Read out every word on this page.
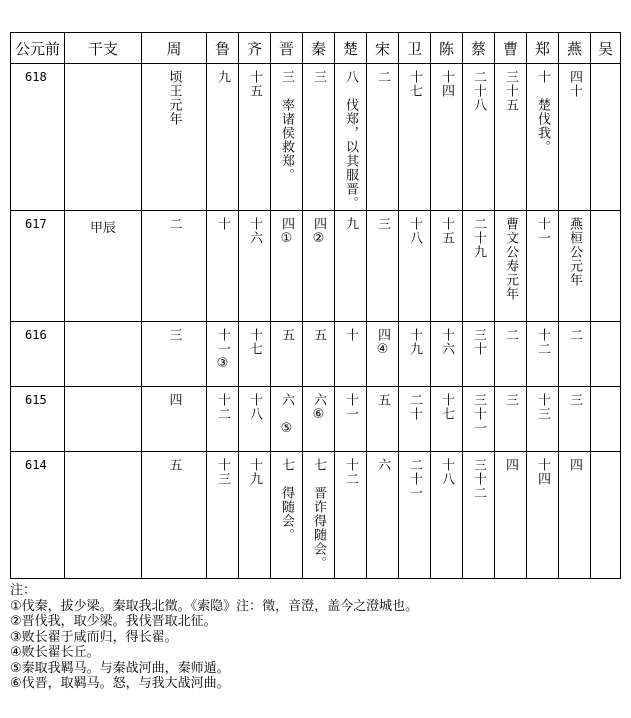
公元前	干支	周	鲁	齐	晋	秦	楚	宋	卫	陈	蔡	曹	郑	燕	吴
618		顷王元年	九	十五	三　率诸侯救郑。	三	八　伐郑，以其服晋。	二	十七	十四	二十八	三十五	十　楚伐我。	四十	

617	甲辰	二	十	十六	四①	四②	九	三	十八	十五	二十九	曹文公寿元年	十一	燕桓公元年	

616		三	十一③	十七	五	五	十	四④	十九	十六	三十	二	十二	二	

615		四	十二	十八	六　⑤	六⑥	十一	五	二十	十七	三十一	三	十三	三	

614		五	十三	十九	七　得随会。	七　晋诈得随会。	十二	六	二十一	十八	三十二	四	十四	四	

注：
①伐秦，拔少梁。秦取我北徵。《索隐》注：徵，音澄，盖今之澄城也。
②晋伐我，取少梁。我伐晋取北征。
③败长翟于咸而归，得长翟。
④败长翟长丘。
⑤秦取我羁马。与秦战河曲，秦师遁。
⑥伐晋，取羁马。怒，与我大战河曲。
